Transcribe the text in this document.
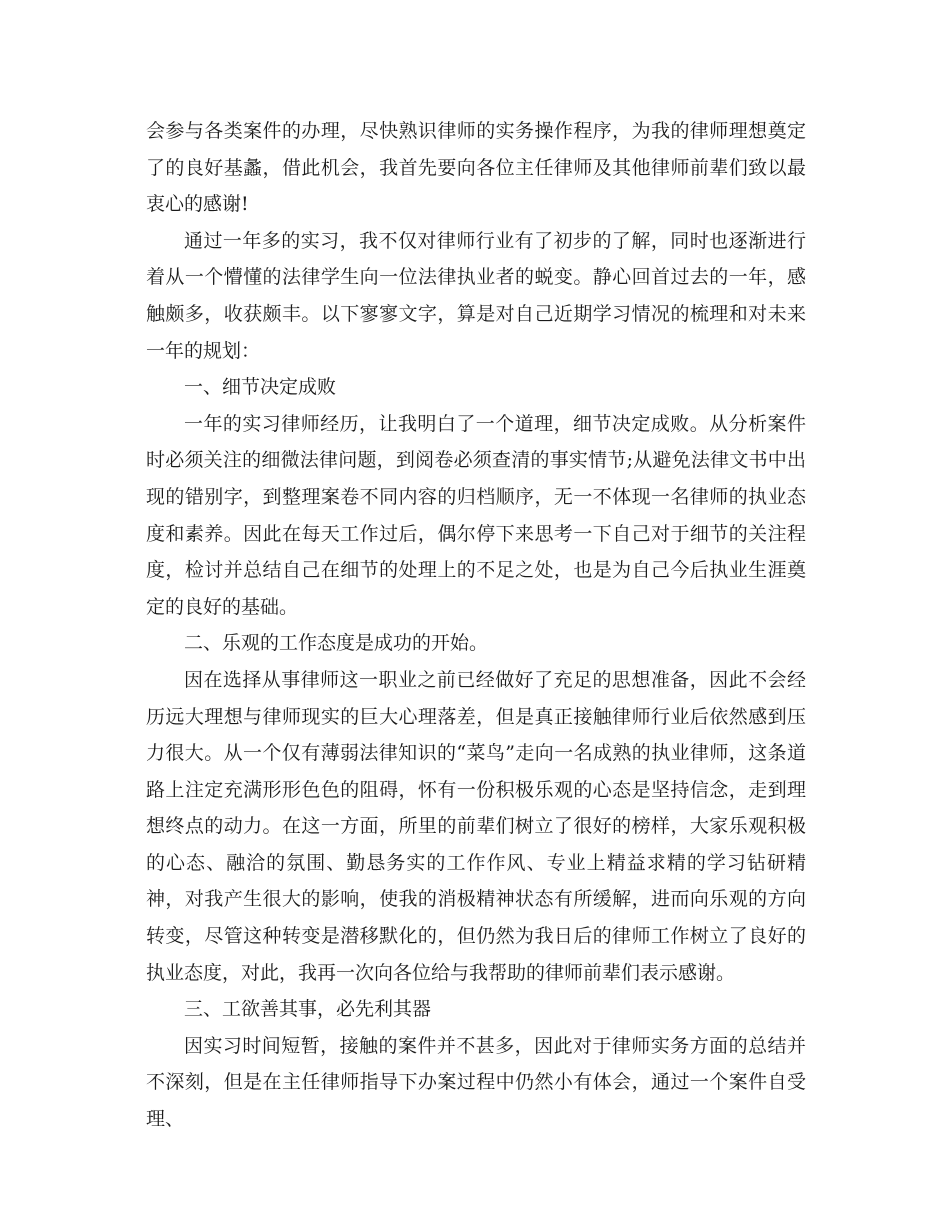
会参与各类案件的办理，尽快熟识律师的实务操作程序，为我的律师理想奠定了的良好基蠡，借此机会，我首先要向各位主任律师及其他律师前辈们致以最衷心的感谢!

通过一年多的实习，我不仅对律师行业有了初步的了解，同时也逐渐进行着从一个懵懂的法律学生向一位法律执业者的蜕变。静心回首过去的一年，感触颇多，收获颇丰。以下寥寥文字，算是对自己近期学习情况的梳理和对未来一年的规划：

一、细节决定成败

一年的实习律师经历，让我明白了一个道理，细节决定成败。从分析案件时必须关注的细微法律问题，到阅卷必须查清的事实情节;从避免法律文书中出现的错别字，到整理案卷不同内容的归档顺序，无一不体现一名律师的执业态度和素养。因此在每天工作过后，偶尔停下来思考一下自己对于细节的关注程度，检讨并总结自己在细节的处理上的不足之处，也是为自己今后执业生涯奠定的良好的基础。

二、乐观的工作态度是成功的开始。

因在选择从事律师这一职业之前已经做好了充足的思想准备，因此不会经历远大理想与律师现实的巨大心理落差，但是真正接触律师行业后依然感到压力很大。从一个仅有薄弱法律知识的“菜鸟”走向一名成熟的执业律师，这条道路上注定充满形形色色的阻碍，怀有一份积极乐观的心态是坚持信念，走到理想终点的动力。在这一方面，所里的前辈们树立了很好的榜样，大家乐观积极的心态、融洽的氛围、勤恳务实的工作作风、专业上精益求精的学习钻研精神，对我产生很大的影响，使我的消极精神状态有所缓解，进而向乐观的方向转变，尽管这种转变是潜移默化的，但仍然为我日后的律师工作树立了良好的执业态度，对此，我再一次向各位给与我帮助的律师前辈们表示感谢。

三、工欲善其事，必先利其器

因实习时间短暂，接触的案件并不甚多，因此对于律师实务方面的总结并不深刻，但是在主任律师指导下办案过程中仍然小有体会，通过一个案件自受理、
